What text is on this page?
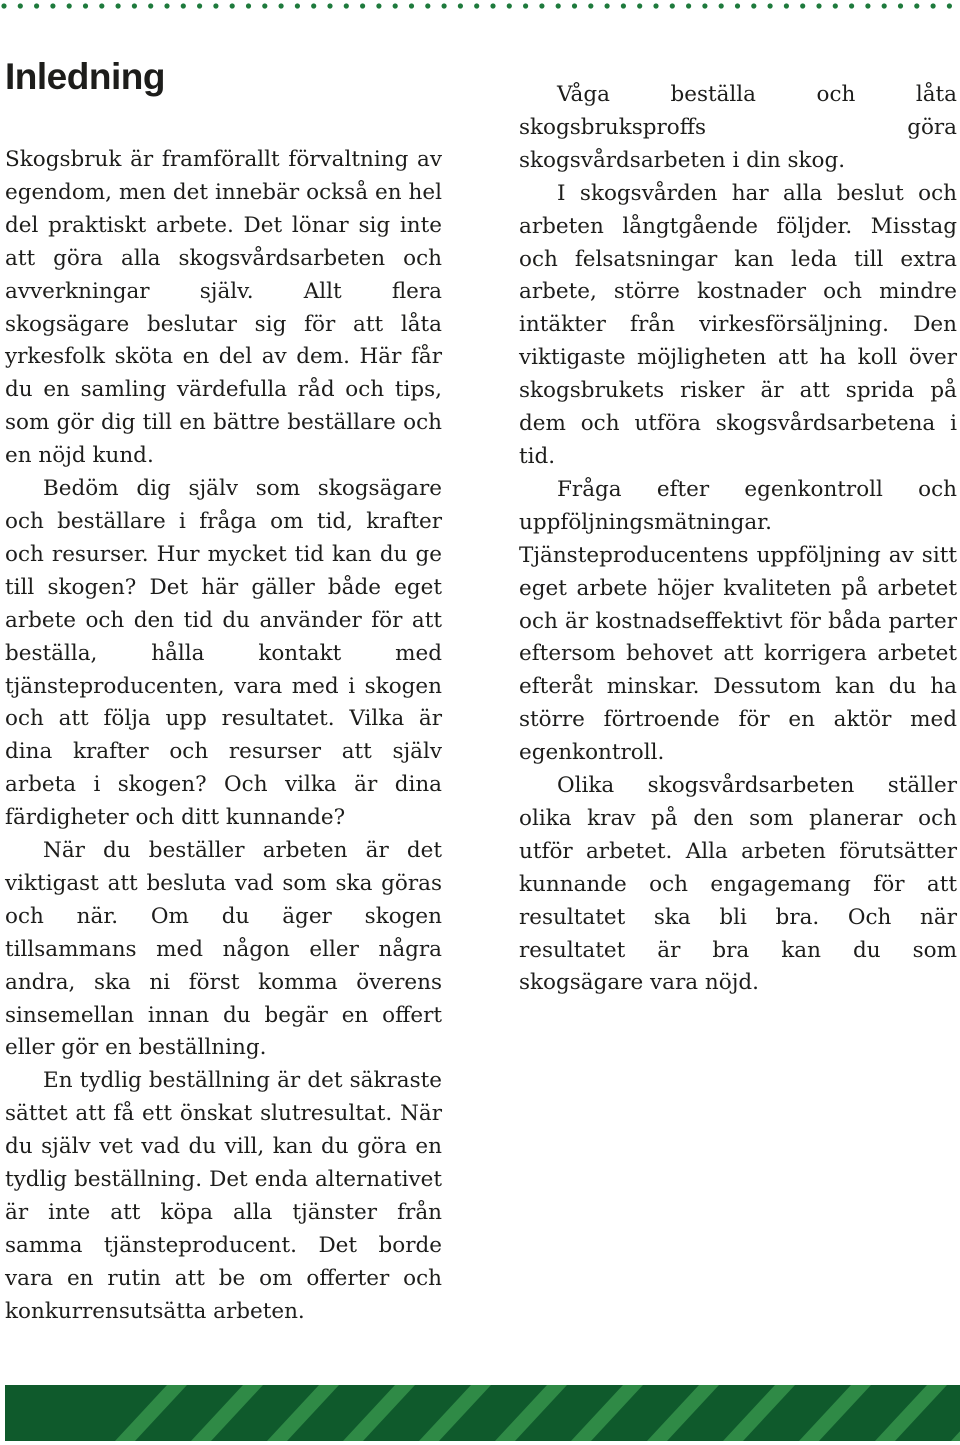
Inledning

Skogsbruk är framförallt förvaltning av egendom, men det innebär också en hel del praktiskt arbete. Det lönar sig inte att göra alla skogsvårdsarbeten och avverkningar själv. Allt flera skogsägare beslutar sig för att låta yrkesfolk sköta en del av dem. Här får du en samling värdefulla råd och tips, som gör dig till en bättre beställare och en nöjd kund.

Bedöm dig själv som skogsägare och beställare i fråga om tid, krafter och resurser. Hur mycket tid kan du ge till skogen? Det här gäller både eget arbete och den tid du använder för att beställa, hålla kontakt med tjänsteproducenten, vara med i skogen och att följa upp resultatet. Vilka är dina krafter och resurser att själv arbeta i skogen? Och vilka är dina färdigheter och ditt kunnande?

När du beställer arbeten är det viktigast att besluta vad som ska göras och när. Om du äger skogen tillsammans med någon eller några andra, ska ni först komma överens sinsemellan innan du begär en offert eller gör en beställning.

En tydlig beställning är det säkraste sättet att få ett önskat slutresultat. När du själv vet vad du vill, kan du göra en tydlig beställning. Det enda alternativet är inte att köpa alla tjänster från samma tjänsteproducent. Det borde vara en rutin att be om offerter och konkurrensutsätta arbeten.

Våga beställa och låta skogsbruksproffs göra skogsvårdsarbeten i din skog.

I skogsvården har alla beslut och arbeten långtgående följder. Misstag och felsatsningar kan leda till extra arbete, större kostnader och mindre intäkter från virkesförsäljning. Den viktigaste möjligheten att ha koll över skogsbrukets risker är att sprida på dem och utföra skogsvårdsarbetena i tid.

Fråga efter egenkontroll och uppföljningsmätningar. Tjänsteproducentens uppföljning av sitt eget arbete höjer kvaliteten på arbetet och är kostnadseffektivt för båda parter eftersom behovet att korrigera arbetet efteråt minskar. Dessutom kan du ha större förtroende för en aktör med egenkontroll.

Olika skogsvårdsarbeten ställer olika krav på den som planerar och utför arbetet. Alla arbeten förutsätter kunnande och engagemang för att resultatet ska bli bra. Och när resultatet är bra kan du som skogsägare vara nöjd.
